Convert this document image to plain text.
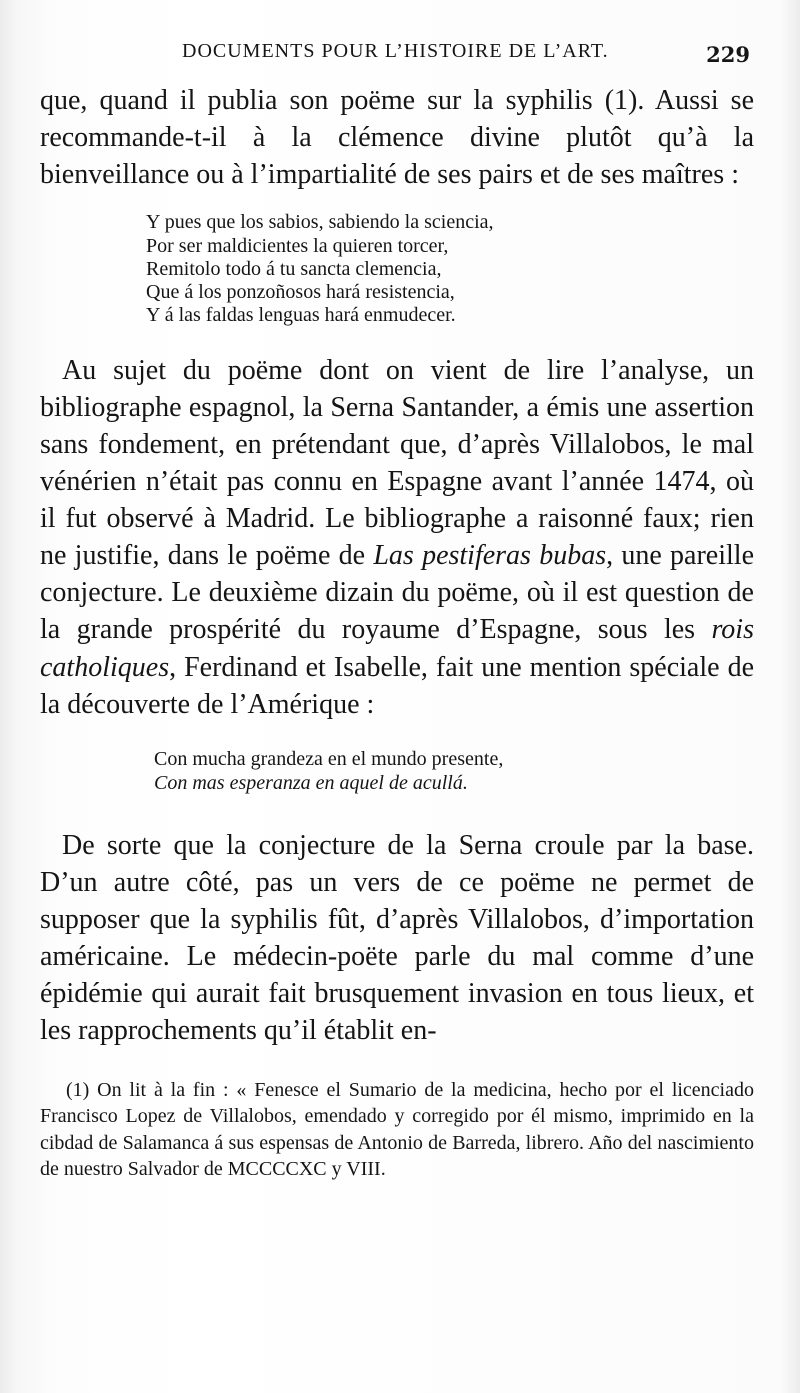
DOCUMENTS POUR L’HISTOIRE DE L’ART.	229

que, quand il publia son poëme sur la syphilis (1). Aussi se recommande-t-il à la clémence divine plutôt qu’à la bienveillance ou à l’impartialité de ses pairs et de ses maîtres :

Y pues que los sabios, sabiendo la sciencia,
Por ser maldicientes la quieren torcer,
Remitolo todo á tu sancta clemencia,
Que á los ponzoñosos hará resistencia,
Y á las faldas lenguas hará enmudecer.

Au sujet du poëme dont on vient de lire l’analyse, un bibliographe espagnol, la Serna Santander, a émis une assertion sans fondement, en prétendant que, d’après Villalobos, le mal vénérien n’était pas connu en Espagne avant l’année 1474, où il fut observé à Madrid. Le bibliographe a raisonné faux; rien ne justifie, dans le poëme de Las pestiferas bubas, une pareille conjecture. Le deuxième dizain du poëme, où il est question de la grande prospérité du royaume d’Espagne, sous les rois catholiques, Ferdinand et Isabelle, fait une mention spéciale de la découverte de l’Amérique :

Con mucha grandeza en el mundo presente,
Con mas esperanza en aquel de acullá.

De sorte que la conjecture de la Serna croule par la base. D’un autre côté, pas un vers de ce poëme ne permet de supposer que la syphilis fût, d’après Villalobos, d’importation américaine. Le médecin-poëte parle du mal comme d’une épidémie qui aurait fait brusquement invasion en tous lieux, et les rapprochements qu’il établit en-

(1) On lit à la fin : « Fenesce el Sumario de la medicina, hecho por el licenciado Francisco Lopez de Villalobos, emendado y corregido por él mismo, imprimido en la cibdad de Salamanca á sus espensas de Antonio de Barreda, librero. Año del nascimiento de nuestro Salvador de MCCCCXC y VIII.
